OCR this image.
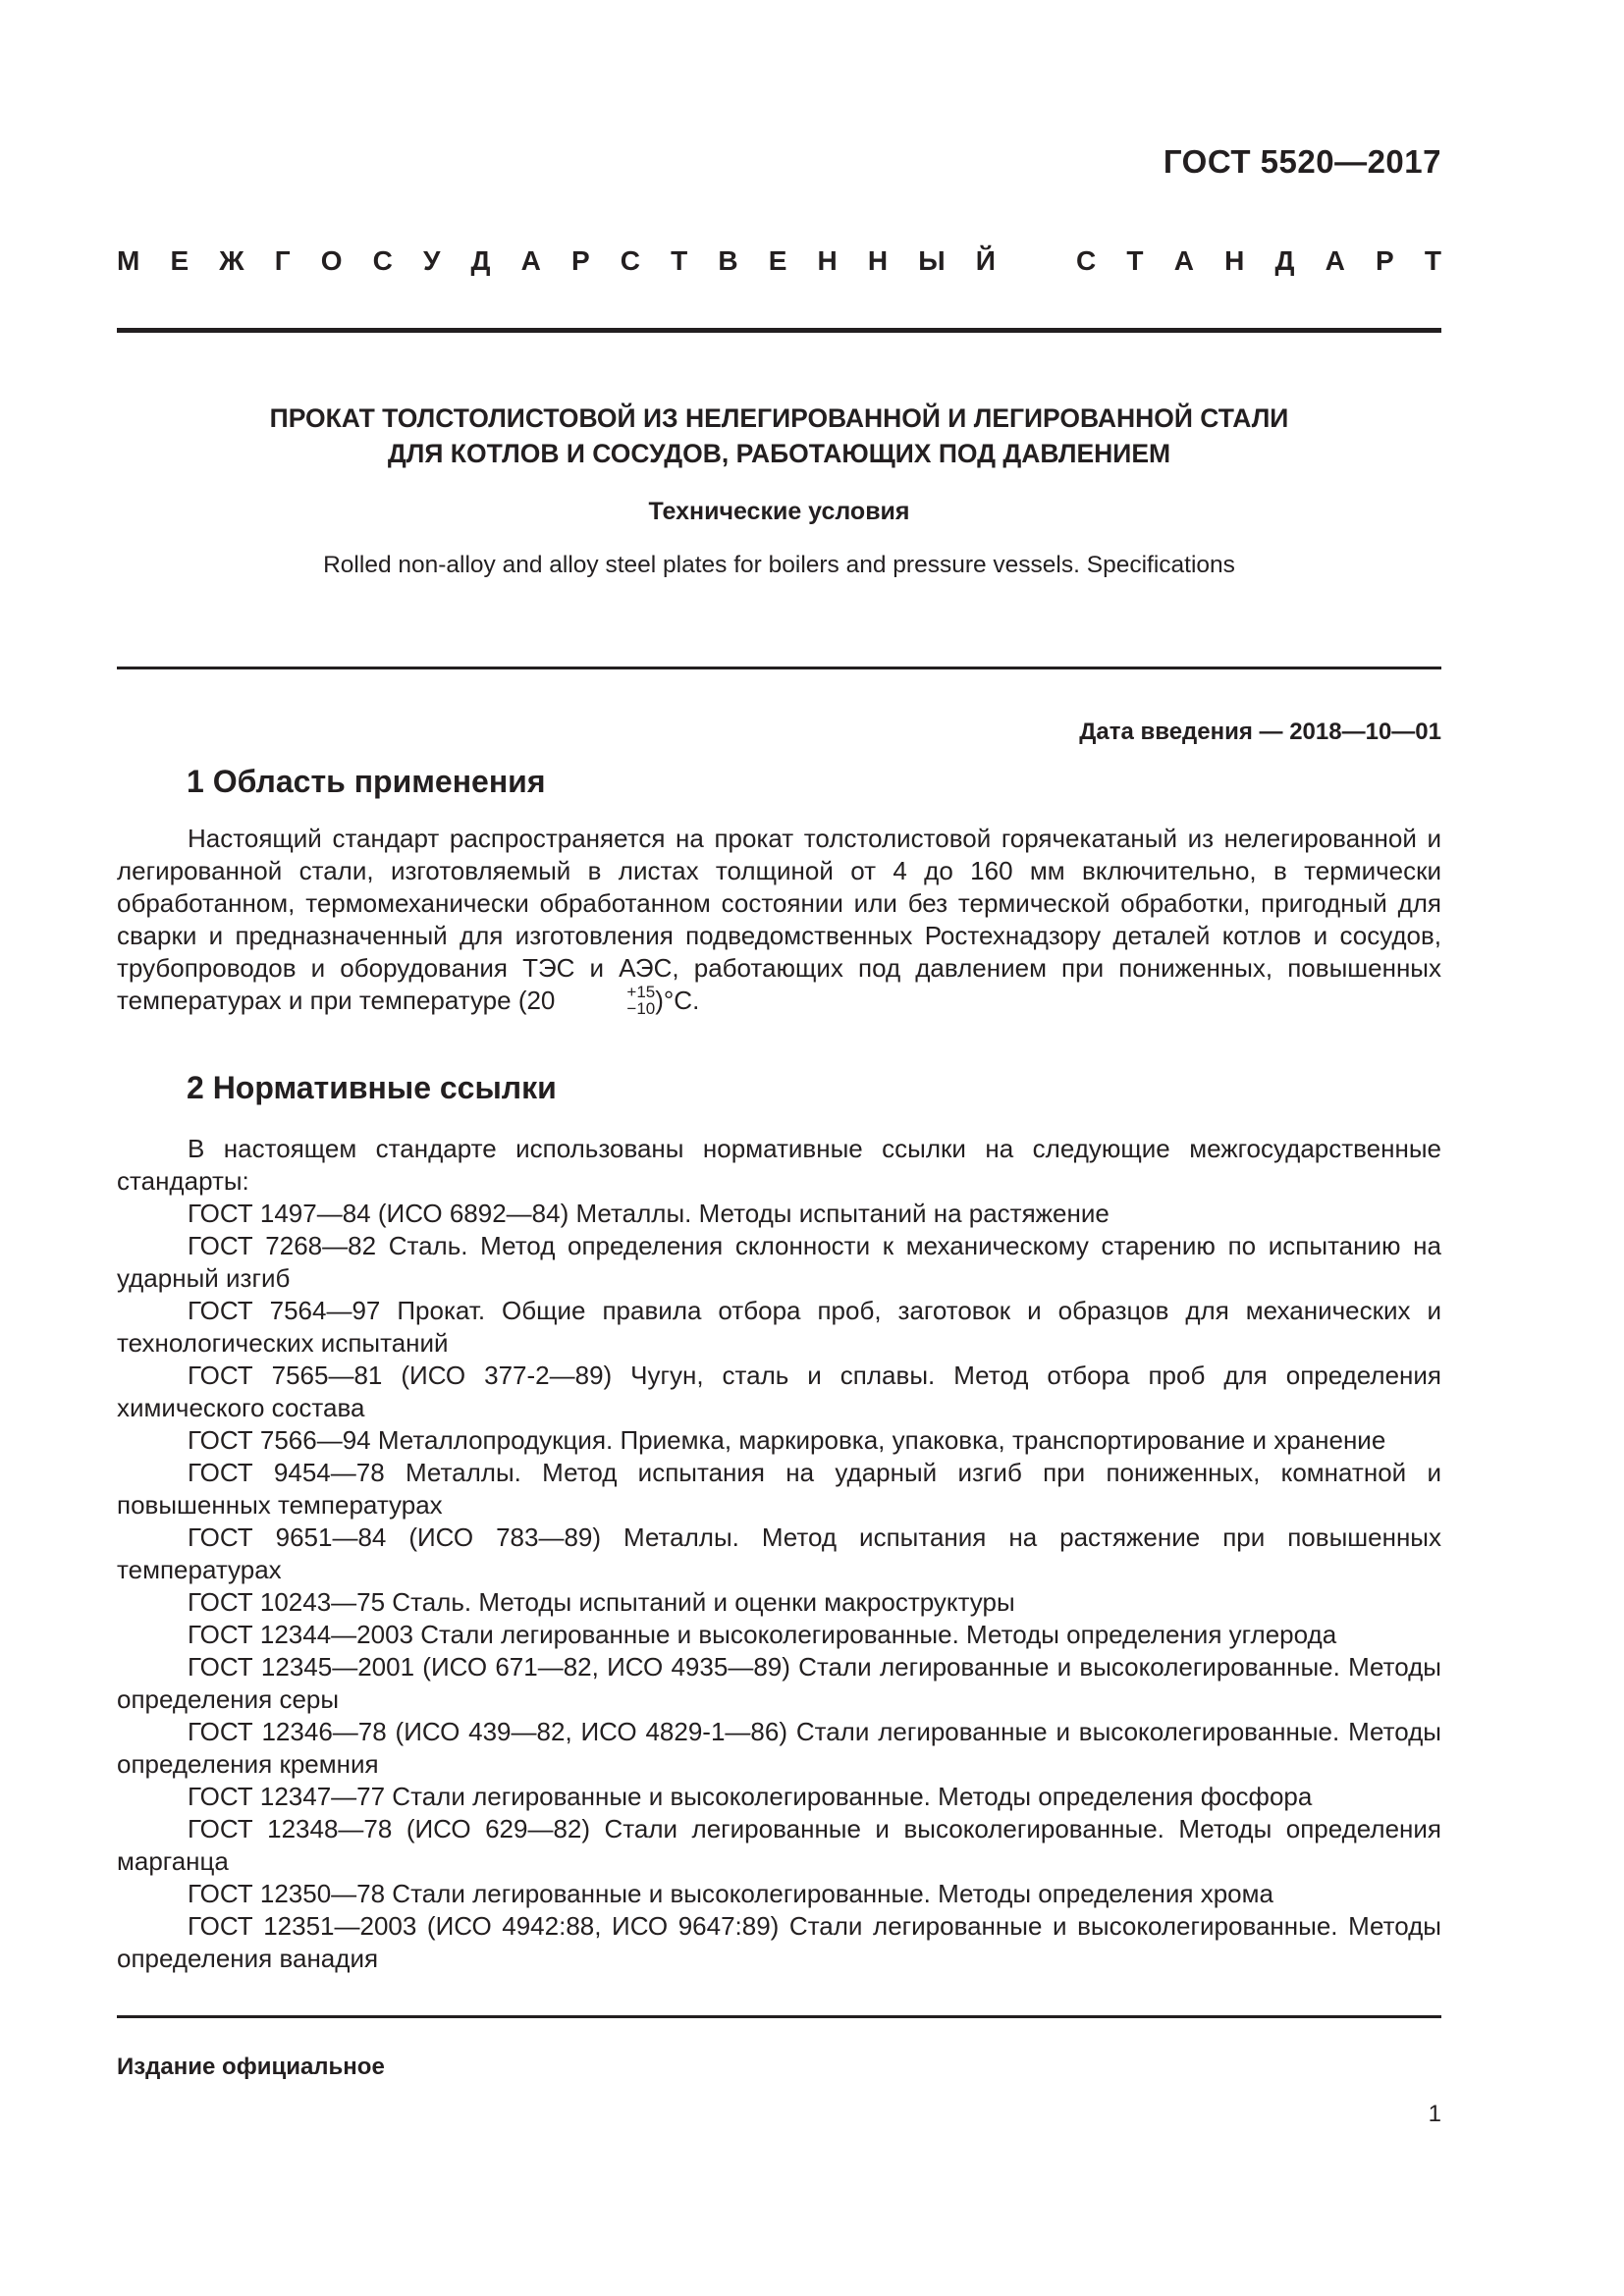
ГОСТ 5520—2017
М Е Ж Г О С У Д А Р С Т В Е Н Н Ы Й	С Т А Н Д А Р Т
ПРОКАТ ТОЛСТОЛИСТОВОЙ ИЗ НЕЛЕГИРОВАННОЙ И ЛЕГИРОВАННОЙ СТАЛИ
ДЛЯ КОТЛОВ И СОСУДОВ, РАБОТАЮЩИХ ПОД ДАВЛЕНИЕМ
Технические условия
Rolled non-alloy and alloy steel plates for boilers and pressure vessels. Specifications
Дата введения — 2018—10—01
1 Область применения

Настоящий стандарт распространяется на прокат толстолистовой горячекатаный из нелегированной и легированной стали, изготовляемый в листах толщиной от 4 до 160 мм включительно, в термически обработанном, термомеханически обработанном состоянии или без термической обработки, пригодный для сварки и предназначенный для изготовления подведомственных Ростехнадзору деталей котлов и сосудов, трубопроводов и оборудования ТЭС и АЭС, работающих под давлением при пониженных, повышенных температурах и при температуре (20	+15
−10 )°С.

2 Нормативные ссылки

В настоящем стандарте использованы нормативные ссылки на следующие межгосударственные стандарты:

ГОСТ 1497—84 (ИСО 6892—84) Металлы. Методы испытаний на растяжение

ГОСТ 7268—82 Сталь. Метод определения склонности к механическому старению по испытанию на ударный изгиб

ГОСТ 7564—97 Прокат. Общие правила отбора проб, заготовок и образцов для механических и технологических испытаний

ГОСТ 7565—81 (ИСО 377-2—89) Чугун, сталь и сплавы. Метод отбора проб для определения химического состава

ГОСТ 7566—94 Металлопродукция. Приемка, маркировка, упаковка, транспортирование и хранение

ГОСТ 9454—78 Металлы. Метод испытания на ударный изгиб при пониженных, комнатной и повышенных температурах

ГОСТ 9651—84 (ИСО 783—89) Металлы. Метод испытания на растяжение при повышенных температурах

ГОСТ 10243—75 Сталь. Методы испытаний и оценки макроструктуры

ГОСТ 12344—2003 Стали легированные и высоколегированные. Методы определения углерода

ГОСТ 12345—2001 (ИСО 671—82, ИСО 4935—89) Стали легированные и высоколегированные. Методы определения серы

ГОСТ 12346—78 (ИСО 439—82, ИСО 4829-1—86) Стали легированные и высоколегированные. Методы определения кремния

ГОСТ 12347—77 Стали легированные и высоколегированные. Методы определения фосфора

ГОСТ 12348—78 (ИСО 629—82) Стали легированные и высоколегированные. Методы определения марганца

ГОСТ 12350—78 Стали легированные и высоколегированные. Методы определения хрома

ГОСТ 12351—2003 (ИСО 4942:88, ИСО 9647:89) Стали легированные и высоколегированные. Методы определения ванадия

Издание официальное
1
